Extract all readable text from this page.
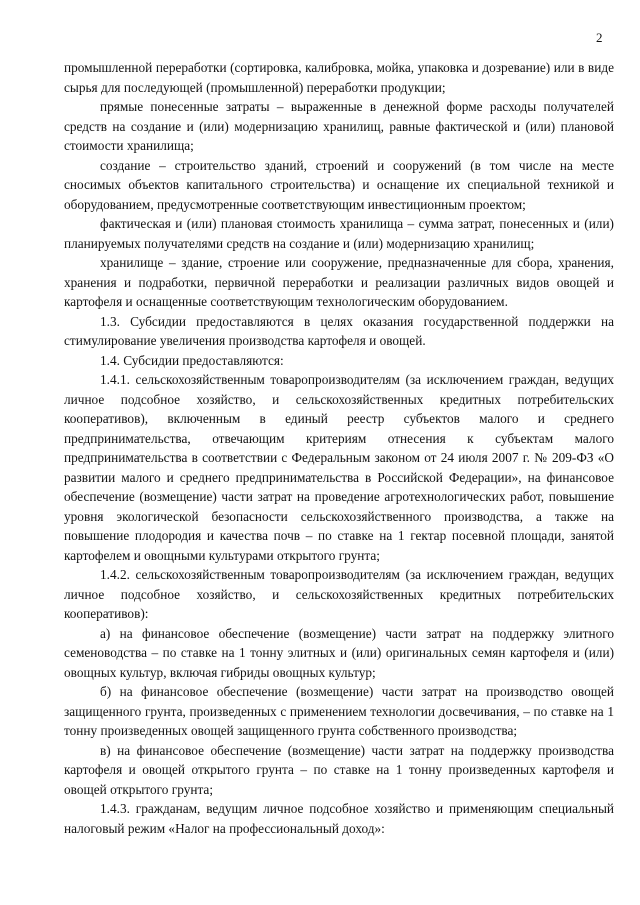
2

промышленной переработки (сортировка, калибровка, мойка, упаковка и дозревание) или в виде сырья для последующей (промышленной) переработки продукции;

прямые понесенные затраты – выраженные в денежной форме расходы получателей средств на создание и (или) модернизацию хранилищ, равные фактической и (или) плановой стоимости хранилища;

создание – строительство зданий, строений и сооружений (в том числе на месте сносимых объектов капитального строительства) и оснащение их специальной техникой и оборудованием, предусмотренные соответствующим инвестиционным проектом;

фактическая и (или) плановая стоимость хранилища – сумма затрат, понесенных и (или) планируемых получателями средств на создание и (или) модернизацию хранилищ;

хранилище – здание, строение или сооружение, предназначенные для сбора, хранения, хранения и подработки, первичной переработки и реализации различных видов овощей и картофеля и оснащенные соответствующим технологическим оборудованием.

1.3. Субсидии предоставляются в целях оказания государственной поддержки на стимулирование увеличения производства картофеля и овощей.

1.4. Субсидии предоставляются:

1.4.1. сельскохозяйственным товаропроизводителям (за исключением граждан, ведущих личное подсобное хозяйство, и сельскохозяйственных кредитных потребительских кооперативов), включенным в единый реестр субъектов малого и среднего предпринимательства, отвечающим критериям отнесения к субъектам малого предпринимательства в соответствии с Федеральным законом от 24 июля 2007 г. № 209-ФЗ «О развитии малого и среднего предпринимательства в Российской Федерации», на финансовое обеспечение (возмещение) части затрат на проведение агротехнологических работ, повышение уровня экологической безопасности сельскохозяйственного производства, а также на повышение плодородия и качества почв – по ставке на 1 гектар посевной площади, занятой картофелем и овощными культурами открытого грунта;

1.4.2. сельскохозяйственным товаропроизводителям (за исключением граждан, ведущих личное подсобное хозяйство, и сельскохозяйственных кредитных потребительских кооперативов):

а) на финансовое обеспечение (возмещение) части затрат на поддержку элитного семеноводства – по ставке на 1 тонну элитных и (или) оригинальных семян картофеля и (или) овощных культур, включая гибриды овощных культур;

б) на финансовое обеспечение (возмещение) части затрат на производство овощей защищенного грунта, произведенных с применением технологии досвечивания, – по ставке на 1 тонну произведенных овощей защищенного грунта собственного производства;

в) на финансовое обеспечение (возмещение) части затрат на поддержку производства картофеля и овощей открытого грунта – по ставке на 1 тонну произведенных картофеля и овощей открытого грунта;

1.4.3. гражданам, ведущим личное подсобное хозяйство и применяющим специальный налоговый режим «Налог на профессиональный доход»:
